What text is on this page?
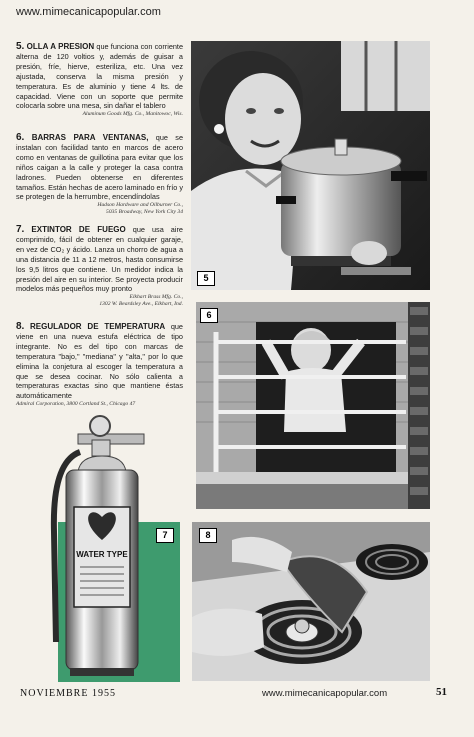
www.mimecanicapopular.com
5. OLLA A PRESION que funciona con corriente alterna de 120 voltios y, además de guisar a presión, fríe, hierve, esteriliza, etc. Una vez ajustada, conserva la misma presión y temperatura. Es de aluminio y tiene 4 lts. de capacidad. Viene con un soporte que permite colocarla sobre una mesa, sin dañar el tablero
Aluminum Goods Mfg. Co., Manitowoc, Wis.
6. BARRAS PARA VENTANAS, que se instalan con facilidad tanto en marcos de acero como en ventanas de guillotina para evitar que los niños caigan a la calle y proteger la casa contra ladrones. Pueden obtenerse en diferentes tamaños. Están hechas de acero laminado en frío y se protegen de la herrumbre, encendíndolas
Hudson Hardware and Oilburner Co.,
5035 Broadway, New York City 34
7. EXTINTOR DE FUEGO que usa aire comprimido, fácil de obtener en cualquier garaje, en vez de CO₂ y ácido. Lanza un chorro de agua a una distancia de 11 a 12 metros, hasta consumirse los 9,5 litros que contiene. Un medidor indica la presión del aire en su interior. Se proyecta producir modelos más pequeños muy pronto
Elkhart Brass Mfg. Co.,
1302 W. Beardsley Ave., Elkhart, Ind.
8. REGULADOR DE TEMPERATURA que viene en una nueva estufa eléctrica de tipo integrante. No es del tipo con marcas de temperatura "bajo," "mediana" y "alta," por lo que elimina la conjetura al escoger la temperatura a que se desea cocinar. No sólo calienta a temperaturas exactas sino que mantiene éstas automáticamente
Admiral Corporation, 3800 Cortland St., Chicago 47
5
6
WATER TYPE
7	8
NOVIEMBRE 1955	www.mimecanicapopular.com	51
